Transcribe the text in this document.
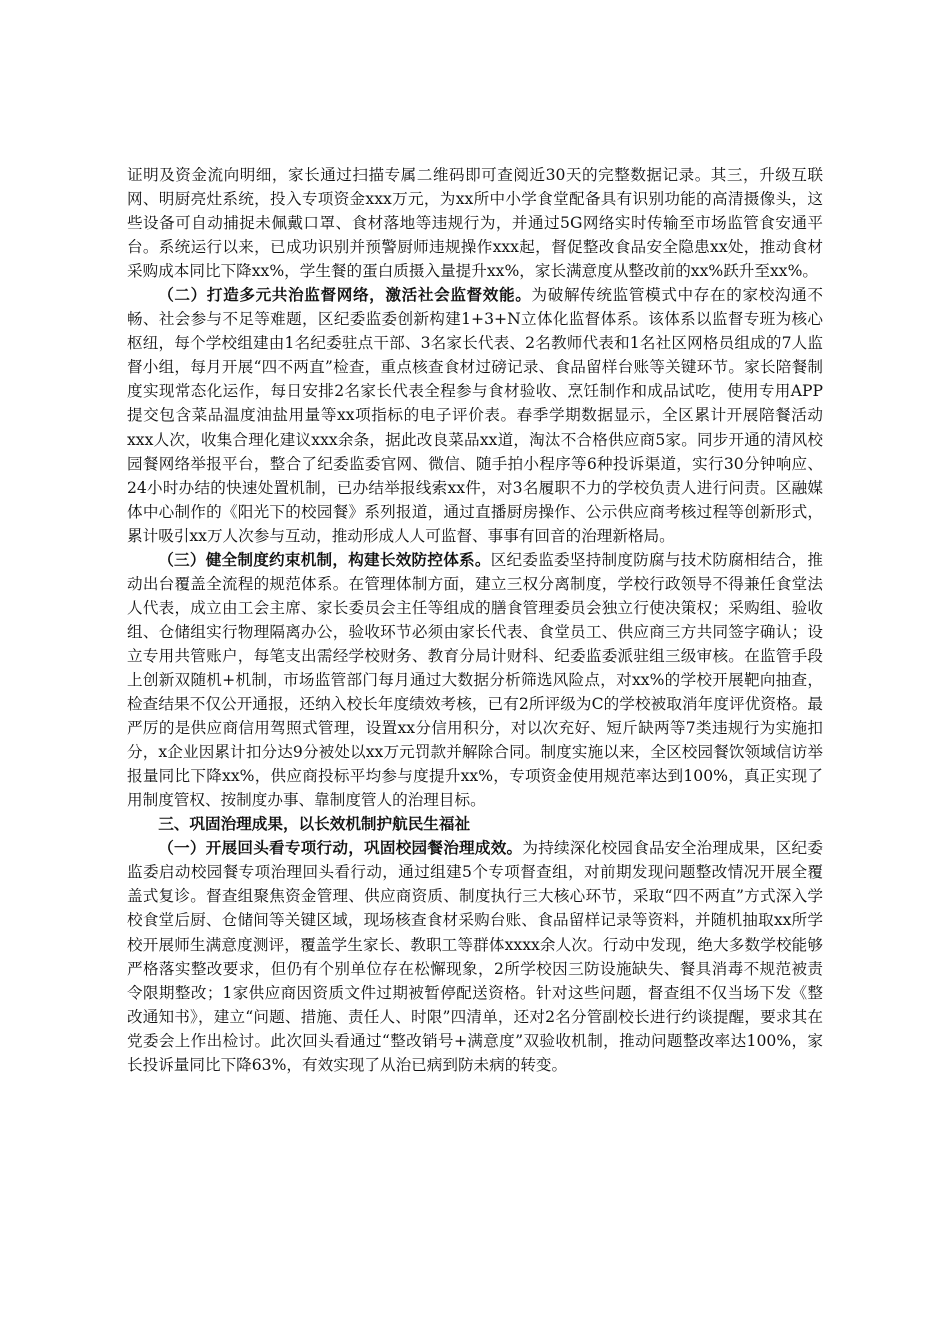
证明及资金流向明细，家长通过扫描专属二维码即可查阅近30天的完整数据记录。其三，升级互联网、明厨亮灶系统，投入专项资金xxx万元，为xx所中小学食堂配备具有识别功能的高清摄像头，这些设备可自动捕捉未佩戴口罩、食材落地等违规行为，并通过5G网络实时传输至市场监管食安通平台。系统运行以来，已成功识别并预警厨师违规操作xxx起，督促整改食品安全隐患xx处，推动食材采购成本同比下降xx%，学生餐的蛋白质摄入量提升xx%，家长满意度从整改前的xx%跃升至xx%。

（二）打造多元共治监督网络，激活社会监督效能。为破解传统监管模式中存在的家校沟通不畅、社会参与不足等难题，区纪委监委创新构建1+3+N立体化监督体系。该体系以监督专班为核心枢纽，每个学校组建由1名纪委驻点干部、3名家长代表、2名教师代表和1名社区网格员组成的7人监督小组，每月开展“四不两直”检查，重点核查食材过磅记录、食品留样台账等关键环节。家长陪餐制度实现常态化运作，每日安排2名家长代表全程参与食材验收、烹饪制作和成品试吃，使用专用APP提交包含菜品温度油盐用量等xx项指标的电子评价表。春季学期数据显示，全区累计开展陪餐活动xxx人次，收集合理化建议xxx余条，据此改良菜品xx道，淘汰不合格供应商5家。同步开通的清风校园餐网络举报平台，整合了纪委监委官网、微信、随手拍小程序等6种投诉渠道，实行30分钟响应、24小时办结的快速处置机制，已办结举报线索xx件，对3名履职不力的学校负责人进行问责。区融媒体中心制作的《阳光下的校园餐》系列报道，通过直播厨房操作、公示供应商考核过程等创新形式，累计吸引xx万人次参与互动，推动形成人人可监督、事事有回音的治理新格局。

（三）健全制度约束机制，构建长效防控体系。区纪委监委坚持制度防腐与技术防腐相结合，推动出台覆盖全流程的规范体系。在管理体制方面，建立三权分离制度，学校行政领导不得兼任食堂法人代表，成立由工会主席、家长委员会主任等组成的膳食管理委员会独立行使决策权；采购组、验收组、仓储组实行物理隔离办公，验收环节必须由家长代表、食堂员工、供应商三方共同签字确认；设立专用共管账户，每笔支出需经学校财务、教育分局计财科、纪委监委派驻组三级审核。在监管手段上创新双随机+机制，市场监管部门每月通过大数据分析筛选风险点，对xx%的学校开展靶向抽查，检查结果不仅公开通报，还纳入校长年度绩效考核，已有2所评级为C的学校被取消年度评优资格。最严厉的是供应商信用驾照式管理，设置xx分信用积分，对以次充好、短斤缺两等7类违规行为实施扣分，x企业因累计扣分达9分被处以xx万元罚款并解除合同。制度实施以来，全区校园餐饮领域信访举报量同比下降xx%，供应商投标平均参与度提升xx%，专项资金使用规范率达到100%，真正实现了用制度管权、按制度办事、靠制度管人的治理目标。

三、巩固治理成果，以长效机制护航民生福祉

（一）开展回头看专项行动，巩固校园餐治理成效。为持续深化校园食品安全治理成果，区纪委监委启动校园餐专项治理回头看行动，通过组建5个专项督查组，对前期发现问题整改情况开展全覆盖式复诊。督查组聚焦资金管理、供应商资质、制度执行三大核心环节，采取“四不两直”方式深入学校食堂后厨、仓储间等关键区域，现场核查食材采购台账、食品留样记录等资料，并随机抽取xx所学校开展师生满意度测评，覆盖学生家长、教职工等群体xxxx余人次。行动中发现，绝大多数学校能够严格落实整改要求，但仍有个别单位存在松懈现象，2所学校因三防设施缺失、餐具消毒不规范被责令限期整改；1家供应商因资质文件过期被暂停配送资格。针对这些问题，督查组不仅当场下发《整改通知书》，建立“问题、措施、责任人、时限”四清单，还对2名分管副校长进行约谈提醒，要求其在党委会上作出检讨。此次回头看通过“整改销号+满意度”双验收机制，推动问题整改率达100%，家长投诉量同比下降63%，有效实现了从治已病到防未病的转变。
